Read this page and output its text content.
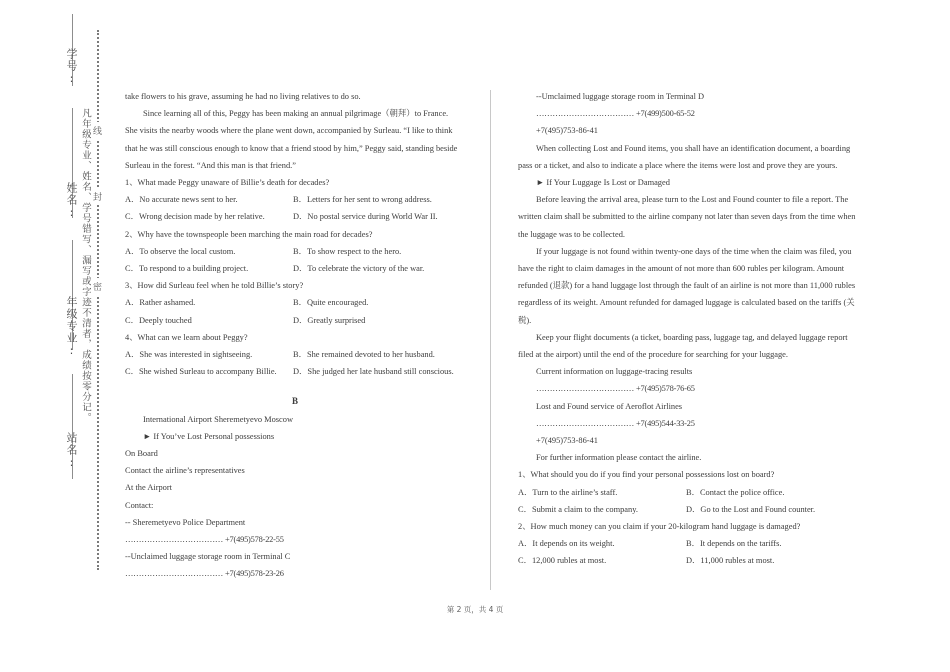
学号:
姓名:
年级专业:
站名:
凡年级专业、姓名、学号错写、漏写或字迹不清者，成绩按零分记。 密
封
线

take flowers to his grave, assuming he had no living relatives to do so.

Since learning all of this, Peggy has been making an annual pilgrimage（朝拜）to France.

She visits the nearby woods where the plane went down, accompanied by Surleau. “I like to think that he was still conscious enough to know that a friend stood by him,” Peggy said, standing beside Surleau in the forest. “And this man is that friend.”

1、What made Peggy unaware of Billie’s death for decades?

A．No accurate news sent to her.	B．Letters for her sent to wrong address.
C．Wrong decision made by her relative.	D．No postal service during World War II.

2、Why have the townspeople been marching the main road for decades?

A．To observe the local custom.	B．To show respect to the hero.
C．To respond to a building project.	D．To celebrate the victory of the war.

3、How did Surleau feel when he told Billie’s story?

A．Rather ashamed.	B．Quite encouraged.
C．Deeply touched	D．Greatly surprised

4、What can we learn about Peggy?

A．She was interested in sightseeing.	B．She remained devoted to her husband.
C．She wished Surleau to accompany Billie.	D．She judged her late husband still conscious.

B

International Airport Sheremetyevo Moscow

► If You’ve Lost Personal possessions

On Board

Contact the airline’s representatives

At the Airport

Contact:

-- Sheremetyevo Police Department

……………………………… +7(495)578-22-55

--Unclaimed luggage storage room in Terminal C

……………………………… +7(495)578-23-26

--Umclaimed luggage storage room in Terminal D

……………………………… +7(499)500-65-52

+7(495)753-86-41

When collecting Lost and Found items, you shall have an identification document, a boarding pass or a ticket, and also to indicate a place where the items were lost and prove they are yours.

► If Your Luggage Is Lost or Damaged

Before leaving the arrival area, please turn to the Lost and Found counter to file a report. The written claim shall be submitted to the airline company not later than seven days from the time when the luggage was to be collected.

If your luggage is not found within twenty-one days of the time when the claim was filed, you have the right to claim damages in the amount of not more than 600 rubles per kilogram. Amount refunded (退款) for a hand luggage lost through the fault of an airline is not more than 11,000 rubles regardless of its weight. Amount refunded for damaged luggage is calculated based on the tariffs (关税).

Keep your flight documents (a ticket, boarding pass, luggage tag, and delayed luggage report filed at the airport) until the end of the procedure for searching for your luggage.

Current information on luggage-tracing results

……………………………… +7(495)578-76-65

Lost and Found service of Aeroflot Airlines

……………………………… +7(495)544-33-25

+7(495)753-86-41

For further information please contact the airline.

1、What should you do if you find your personal possessions lost on board?

A．Turn to the airline’s staff.	B．Contact the police office.
C．Submit a claim to the company.	D．Go to the Lost and Found counter.

2、How much money can you claim if your 20-kilogram hand luggage is damaged?

A．It depends on its weight.	B．It depends on the tariffs.
C．12,000 rubles at most.	D．11,000 rubles at most.
第 2 页，共 4 页
